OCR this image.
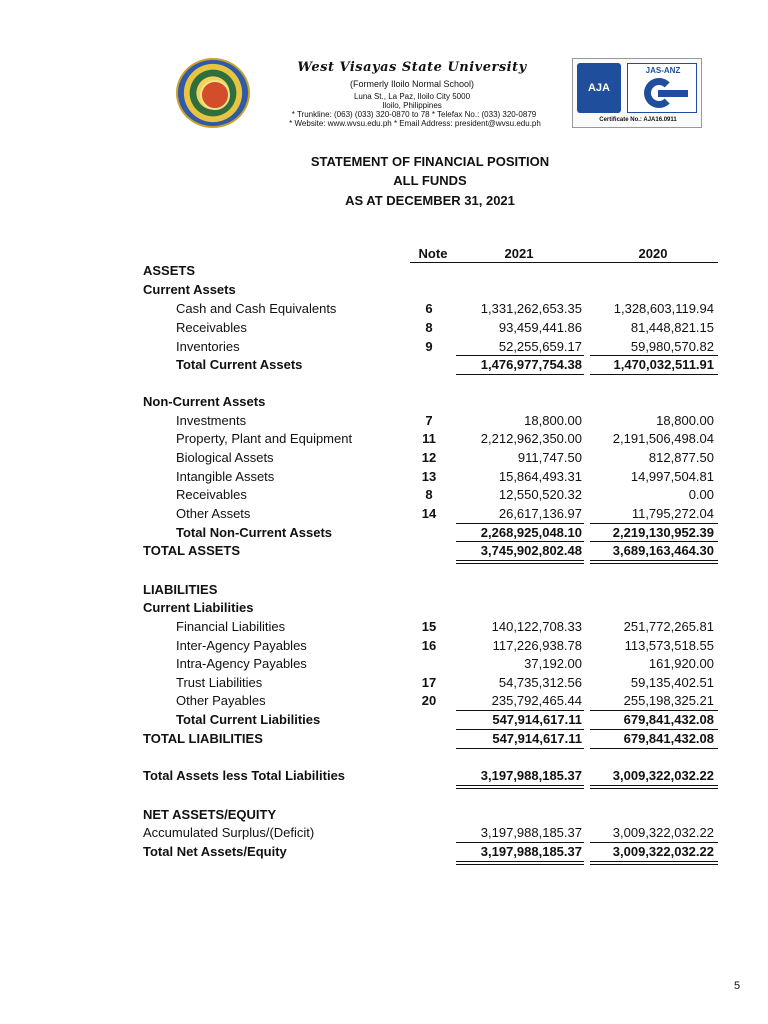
West Visayas State University
(Formerly Iloilo Normal School)
Luna St., La Paz, Iloilo City 5000
Iloilo, Philippines
* Trunkline: (063) (033) 320-0870 to 78 * Telefax No.: (033) 320-0879
* Website: www.wvsu.edu.ph * Email Address: president@wvsu.edu.ph
AJA
JAS-ANZ
Certificate No.: AJA16.0911
STATEMENT OF FINANCIAL POSITION
ALL FUNDS
AS AT DECEMBER 31, 2021
Note	2021	2020
ASSETS
Current Assets
Cash and Cash Equivalents	6	1,331,262,653.35	1,328,603,119.94
Receivables	8	93,459,441.86	81,448,821.15
Inventories	9	52,255,659.17	59,980,570.82
Total Current Assets	1,476,977,754.38	1,470,032,511.91
Non-Current Assets
Investments	7	18,800.00	18,800.00
Property, Plant and Equipment	11	2,212,962,350.00	2,191,506,498.04
Biological Assets	12	911,747.50	812,877.50
Intangible Assets	13	15,864,493.31	14,997,504.81
Receivables	8	12,550,520.32	0.00
Other Assets	14	26,617,136.97	11,795,272.04
Total Non-Current Assets	2,268,925,048.10	2,219,130,952.39
TOTAL ASSETS	3,745,902,802.48	3,689,163,464.30
LIABILITIES
Current Liabilities
Financial Liabilities	15	140,122,708.33	251,772,265.81
Inter-Agency Payables	16	117,226,938.78	113,573,518.55
Intra-Agency Payables	37,192.00	161,920.00
Trust Liabilities	17	54,735,312.56	59,135,402.51
Other Payables	20	235,792,465.44	255,198,325.21
Total Current Liabilities	547,914,617.11	679,841,432.08
TOTAL LIABILITIES	547,914,617.11	679,841,432.08
Total Assets less Total Liabilities	3,197,988,185.37	3,009,322,032.22
NET ASSETS/EQUITY
Accumulated Surplus/(Deficit)	3,197,988,185.37	3,009,322,032.22
Total Net Assets/Equity	3,197,988,185.37	3,009,322,032.22
5
